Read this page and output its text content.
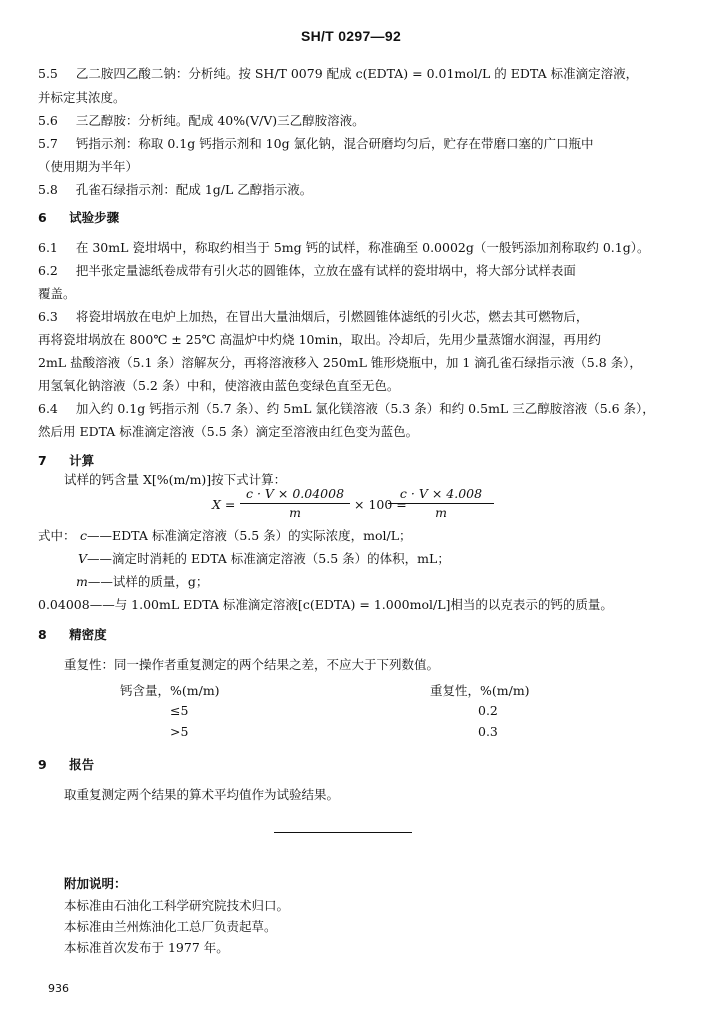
SH/T 0297—92
5.5 乙二胺四乙酸二钠：分析纯。按 SH/T 0079 配成 c(EDTA) = 0.01mol/L 的 EDTA 标准滴定溶液，
并标定其浓度。
5.6 三乙醇胺：分析纯。配成 40%(V/V)三乙醇胺溶液。
5.7 钙指示剂：称取 0.1g 钙指示剂和 10g 氯化钠，混合研磨均匀后，贮存在带磨口塞的广口瓶中
（使用期为半年）
5.8 孔雀石绿指示剂：配成 1g/L 乙醇指示液。
6 试验步骤
6.1 在 30mL 瓷坩埚中，称取约相当于 5mg 钙的试样，称准确至 0.0002g（一般钙添加剂称取约 0.1g）。
6.2 把半张定量滤纸卷成带有引火芯的圆锥体，立放在盛有试样的瓷坩埚中，将大部分试样表面
覆盖。
6.3 将瓷坩埚放在电炉上加热，在冒出大量油烟后，引燃圆锥体滤纸的引火芯，燃去其可燃物后，
再将瓷坩埚放在 800℃ ± 25℃ 高温炉中灼烧 10min，取出。冷却后，先用少量蒸馏水润湿，再用约
2mL 盐酸溶液（5.1 条）溶解灰分，再将溶液移入 250mL 锥形烧瓶中，加 1 滴孔雀石绿指示液（5.8 条），
用氢氧化钠溶液（5.2 条）中和，使溶液由蓝色变绿色直至无色。
6.4 加入约 0.1g 钙指示剂（5.7 条）、约 5mL 氯化镁溶液（5.3 条）和约 0.5mL 三乙醇胺溶液（5.6 条），
然后用 EDTA 标准滴定溶液（5.5 条）滴定至溶液由红色变为蓝色。
7 计算
试样的钙含量 X[%(m/m)]按下式计算：
X =
c · V × 0.04008
m
× 100 =
c · V × 4.008
m
式中： c——EDTA 标准滴定溶液（5.5 条）的实际浓度，mol/L；
V——滴定时消耗的 EDTA 标准滴定溶液（5.5 条）的体积，mL；
m——试样的质量，g；
0.04008——与 1.00mL EDTA 标准滴定溶液[c(EDTA) = 1.000mol/L]相当的以克表示的钙的质量。
8 精密度
重复性：同一操作者重复测定的两个结果之差，不应大于下列数值。
钙含量，%(m/m)	重复性，%(m/m)
≤5	0.2
>5	0.3
9 报告
取重复测定两个结果的算术平均值作为试验结果。
附加说明：
本标准由石油化工科学研究院技术归口。
本标准由兰州炼油化工总厂负责起草。
本标准首次发布于 1977 年。
936
